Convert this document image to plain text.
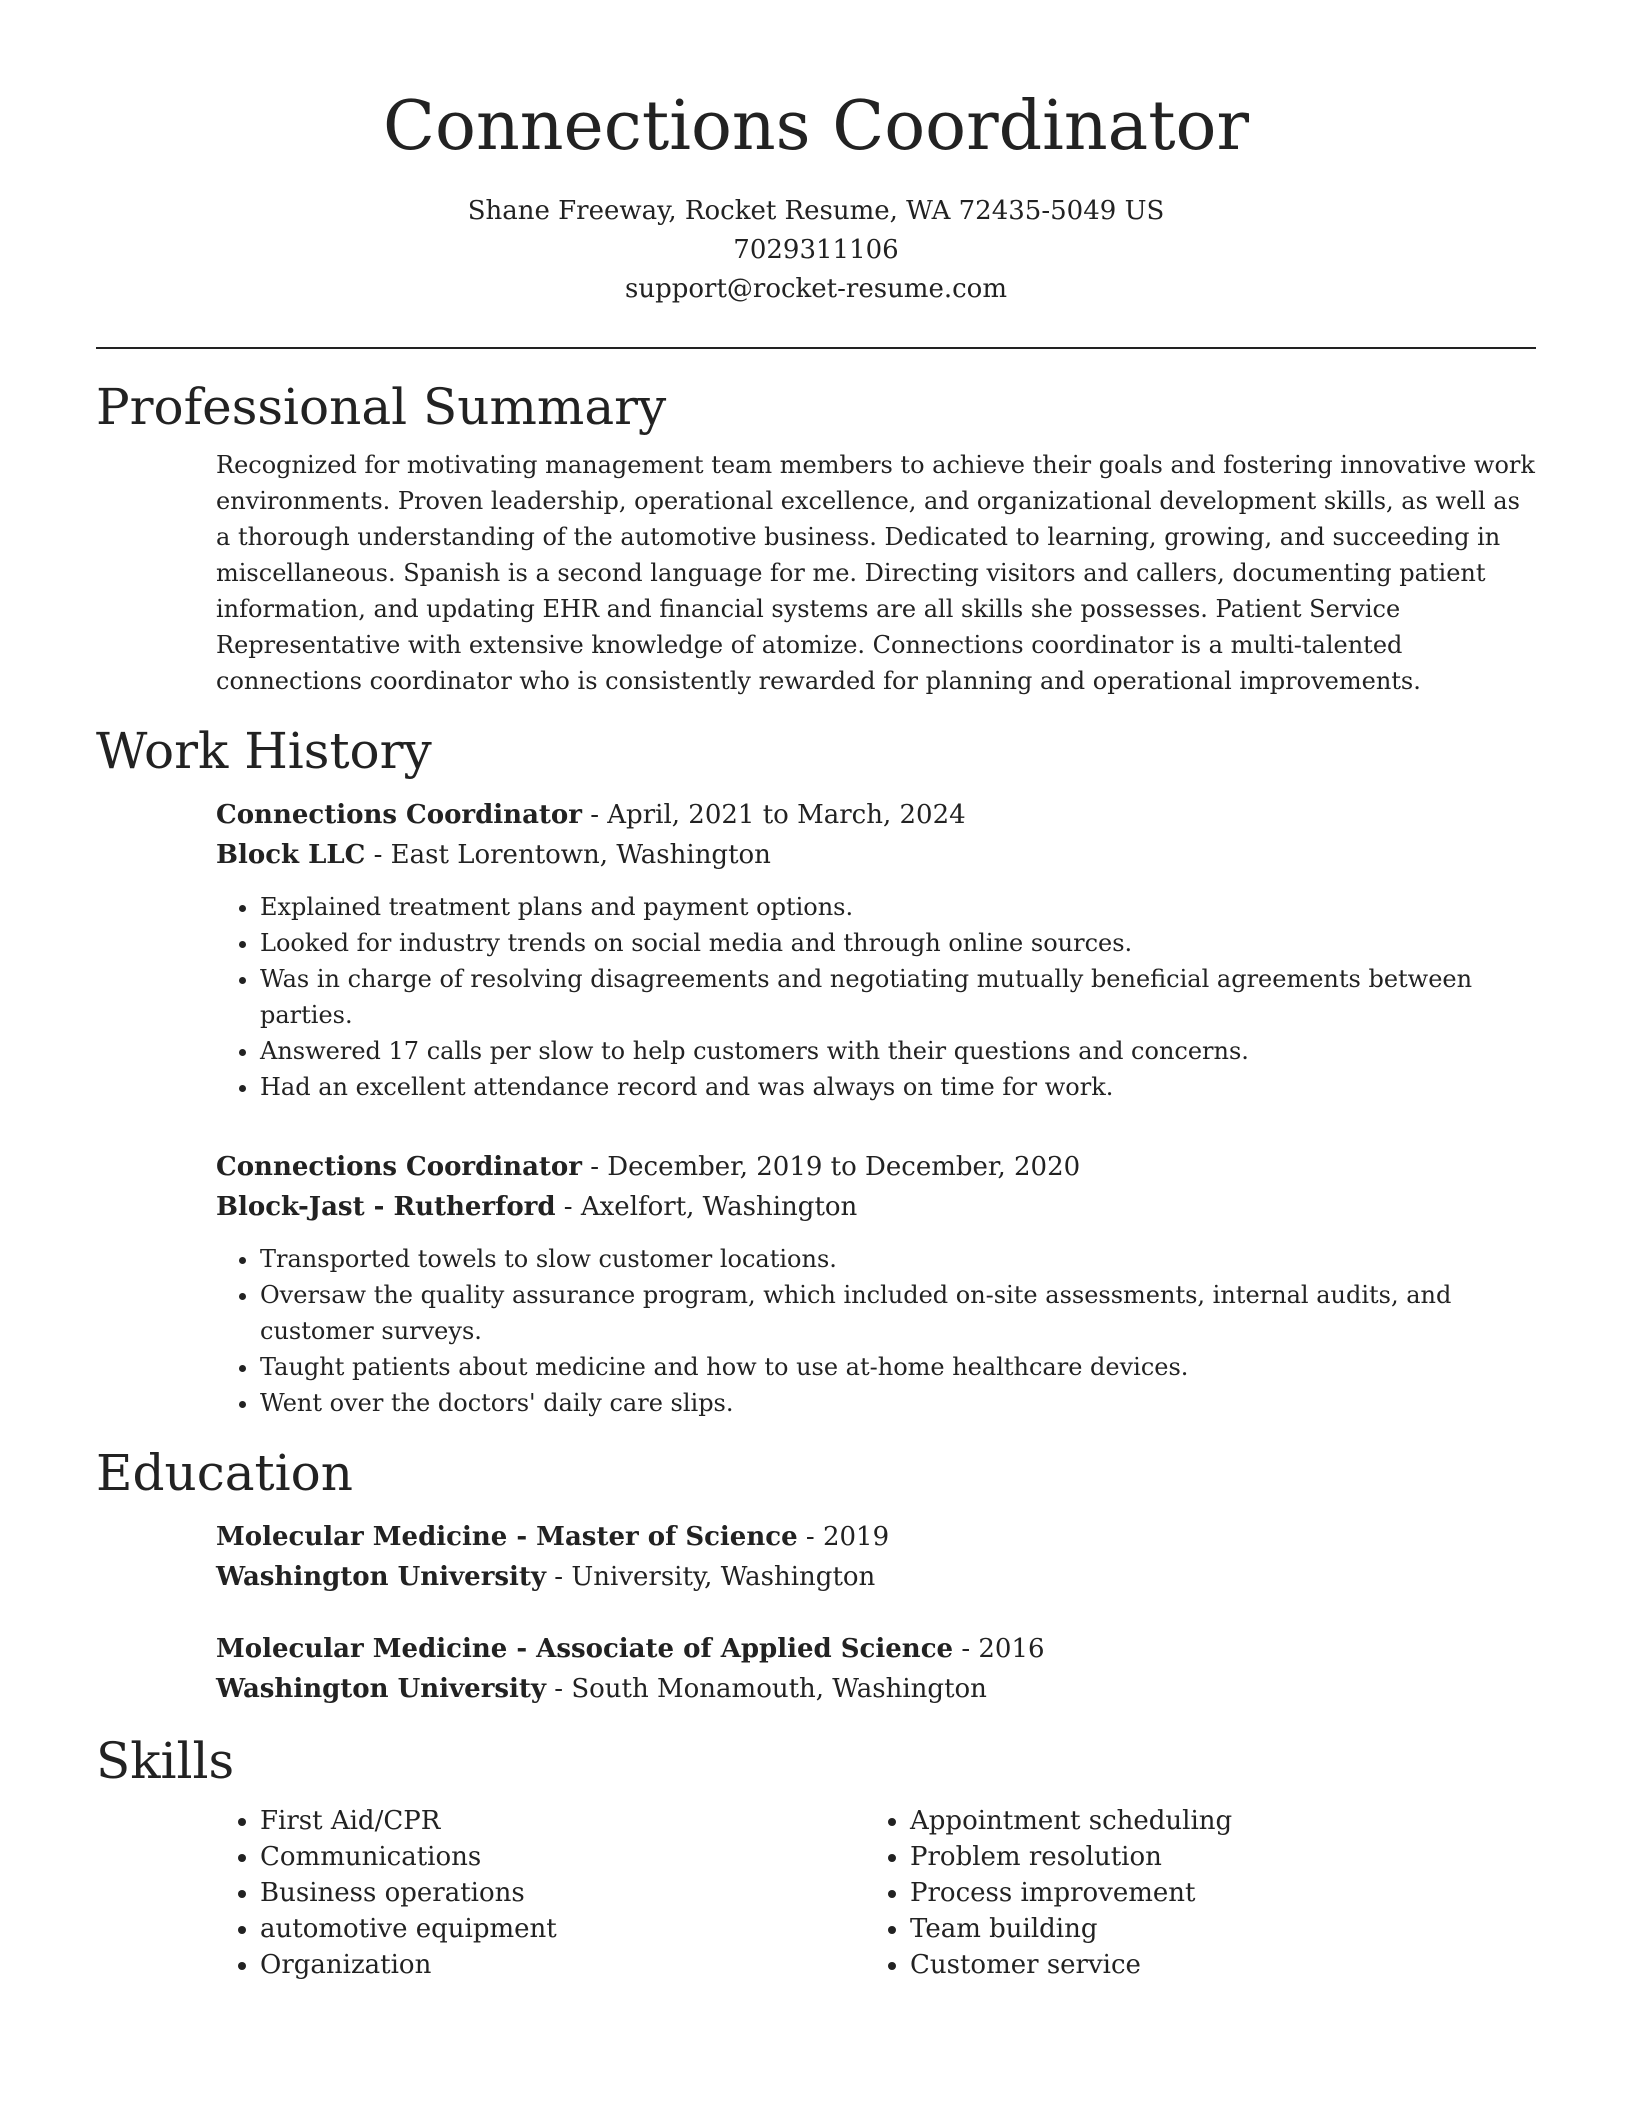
Connections Coordinator
Shane Freeway, Rocket Resume, WA 72435-5049 US
7029311106
support@rocket-resume.com
Professional Summary

Recognized for motivating management team members to achieve their goals and fostering innovative work environments. Proven leadership, operational excellence, and organizational development skills, as well as a thorough understanding of the automotive business. Dedicated to learning, growing, and succeeding in miscellaneous. Spanish is a second language for me. Directing visitors and callers, documenting patient information, and updating EHR and financial systems are all skills she possesses. Patient Service Representative with extensive knowledge of atomize. Connections coordinator is a multi-talented connections coordinator who is consistently rewarded for planning and operational improvements.

Work History
Connections Coordinator - April, 2021 to March, 2024
Block LLC - East Lorentown, Washington
• Explained treatment plans and payment options.
• Looked for industry trends on social media and through online sources.
• Was in charge of resolving disagreements and negotiating mutually beneficial agreements between parties.
• Answered 17 calls per slow to help customers with their questions and concerns.
• Had an excellent attendance record and was always on time for work.
Connections Coordinator - December, 2019 to December, 2020
Block-Jast - Rutherford - Axelfort, Washington
• Transported towels to slow customer locations.
• Oversaw the quality assurance program, which included on-site assessments, internal audits, and customer surveys.
• Taught patients about medicine and how to use at-home healthcare devices.
• Went over the doctors' daily care slips.
Education
Molecular Medicine - Master of Science - 2019
Washington University - University, Washington
Molecular Medicine - Associate of Applied Science - 2016
Washington University - South Monamouth, Washington
Skills
• First Aid/CPR
• Communications
• Business operations
• automotive equipment
• Organization
• Appointment scheduling
• Problem resolution
• Process improvement
• Team building
• Customer service
